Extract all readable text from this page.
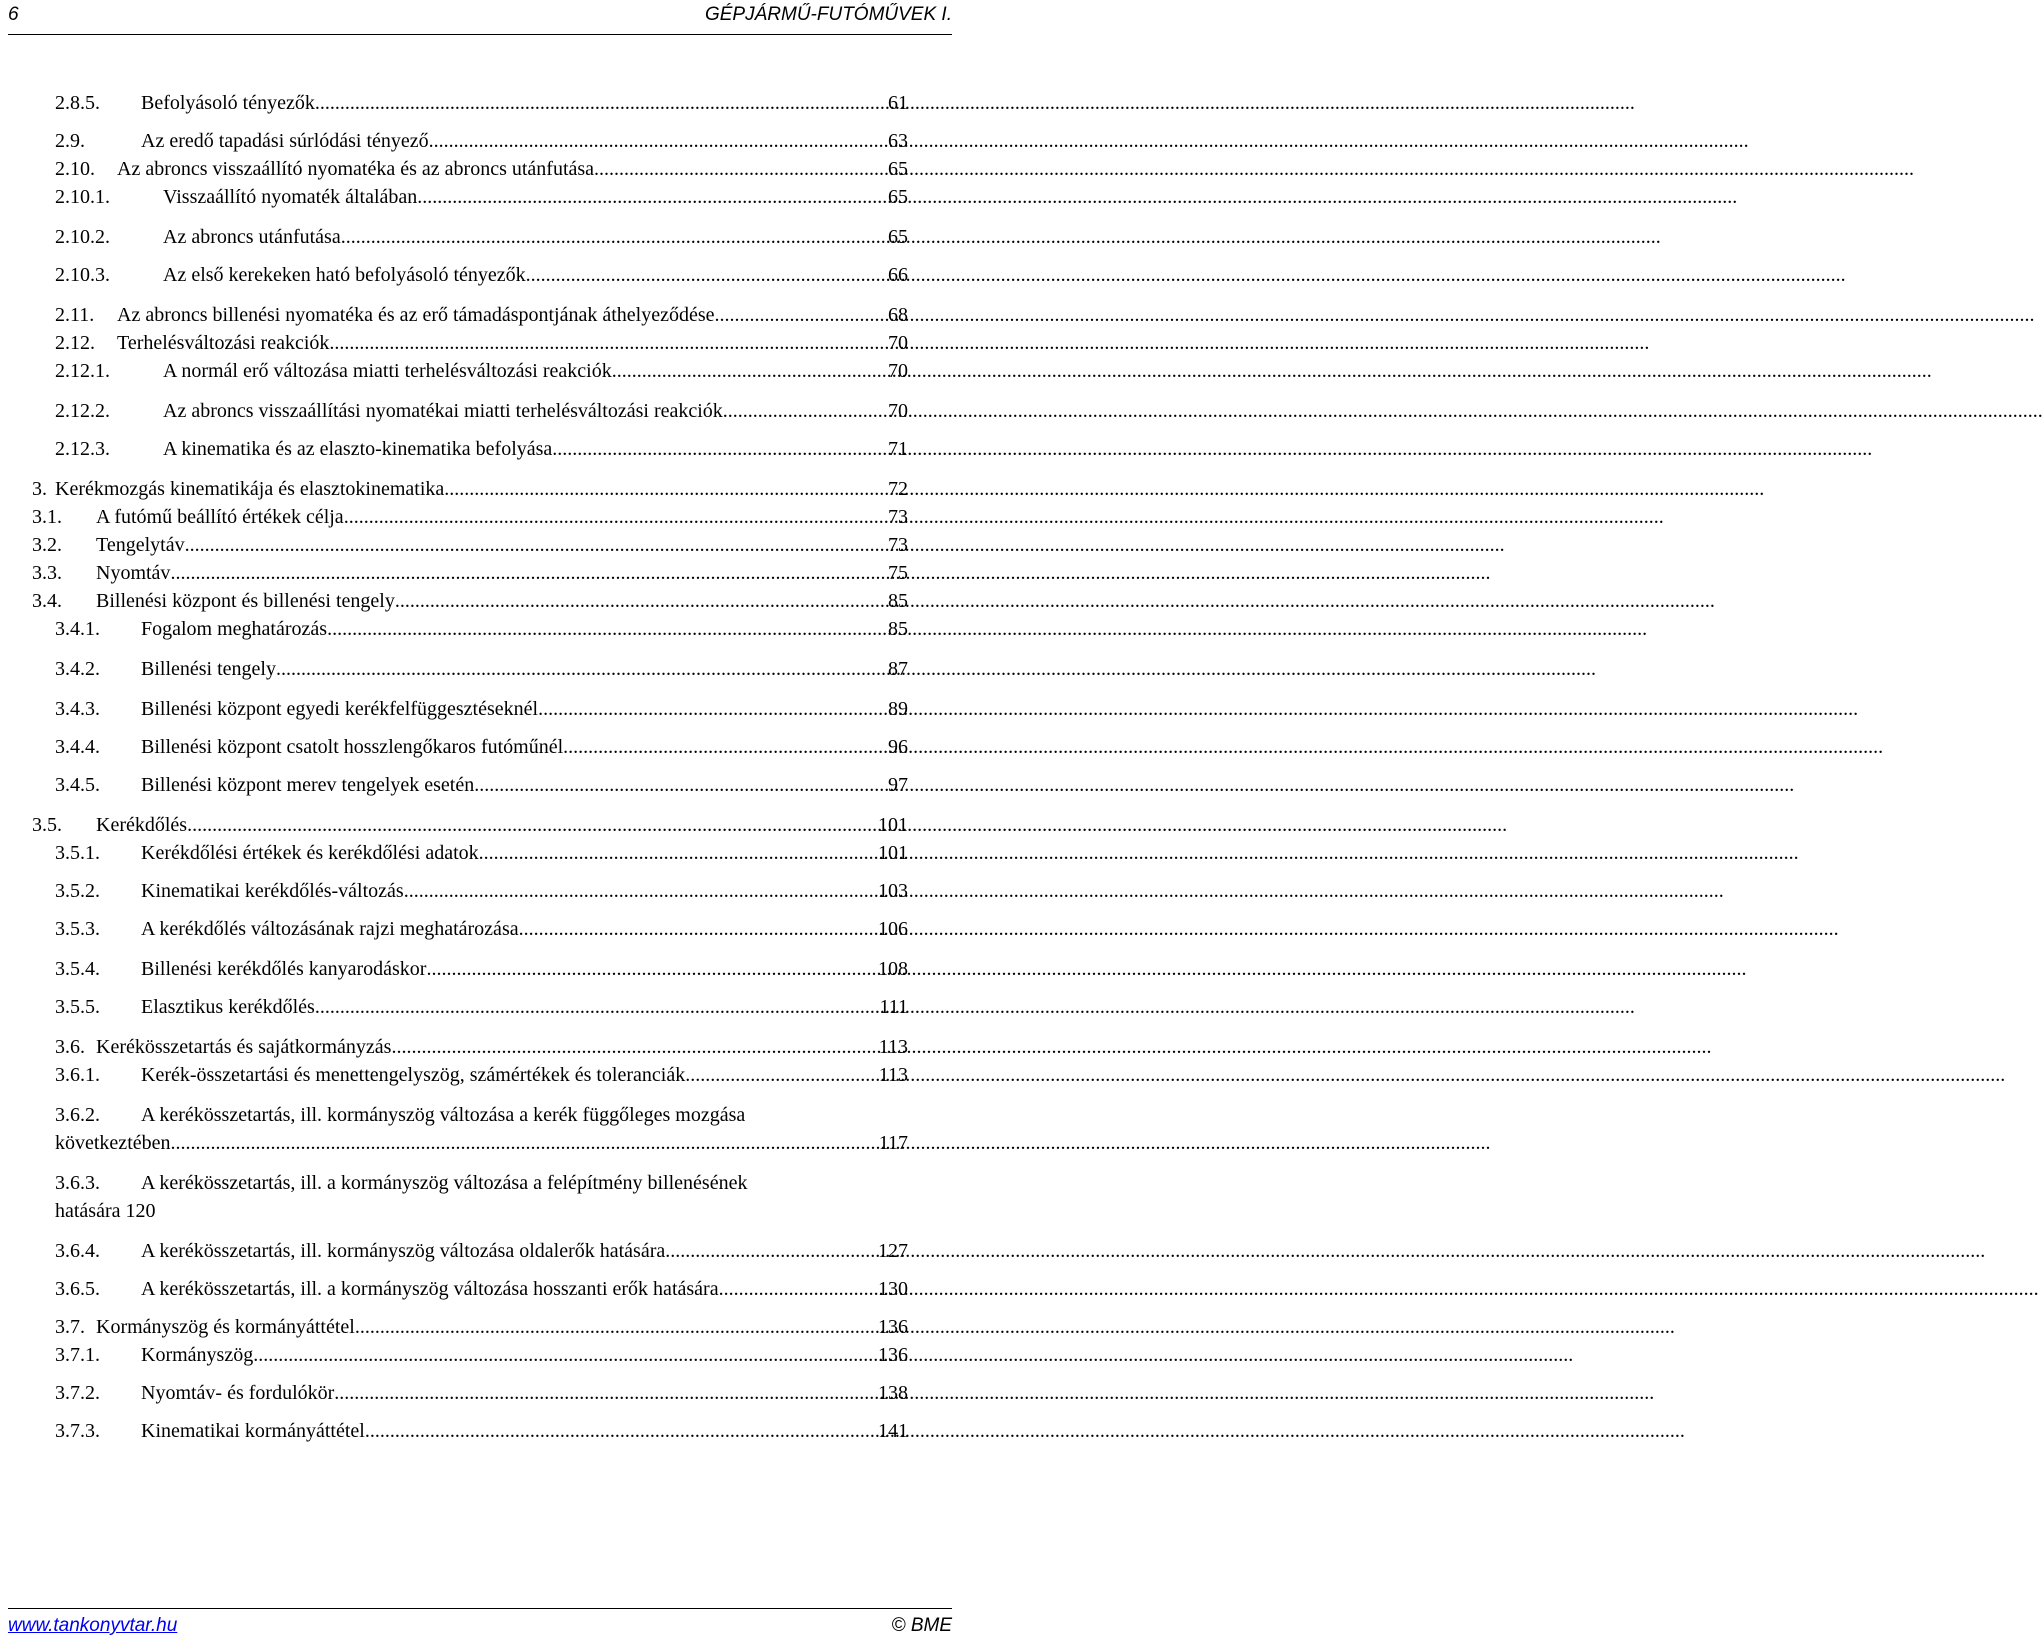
6	GÉPJÁRMŰ-FUTÓMŰVEK I.
2.8.5. Befolyásoló tényezők .....	61
2.9.	Az eredő tapadási súrlódási tényező .....	63
2.10. Az abroncs visszaállító nyomatéka és az abroncs utánfutása .....	65
2.10.1.	Visszaállító nyomaték általában .....	65
2.10.2.	Az abroncs utánfutása .....	65
2.10.3.	Az első kerekeken ható befolyásoló tényezők .....	66
2.11. Az abroncs billenési nyomatéka és az erő támadáspontjának áthelyeződése .....	68
2.12. Terhelésváltozási reakciók .....	70
2.12.1.	A normál erő változása miatti terhelésváltozási reakciók .....	70
2.12.2.	Az abroncs visszaállítási nyomatékai miatti terhelésváltozási reakciók .....	70
2.12.3.	A kinematika és az elaszto-kinematika befolyása .....	71
3. Kerékmozgás kinematikája és elasztokinematika .....	72
3.1. A futómű beállító értékek célja .....	73
3.2. Tengelytáv .....	73
3.3. Nyomtáv .....	75
3.4. Billenési központ és billenési tengely .....	85
3.4.1. Fogalom meghatározás .....	85
3.4.2. Billenési tengely .....	87
3.4.3. Billenési központ egyedi kerékfelfüggesztéseknél .....	89
3.4.4. Billenési központ csatolt hosszlengőkaros futóműnél .....	96
3.4.5. Billenési központ merev tengelyek esetén .....	97
3.5. Kerékdőlés .....	101
3.5.1. Kerékdőlési értékek és kerékdőlési adatok .....	101
3.5.2. Kinematikai kerékdőlés-változás .....	103
3.5.3. A kerékdőlés változásának rajzi meghatározása .....	106
3.5.4. Billenési kerékdőlés kanyarodáskor .....	108
3.5.5. Elasztikus kerékdőlés .....	111
3.6. Kerékösszetartás és sajátkormányzás .....	113
3.6.1. Kerék-összetartási és menettengelyszög, számértékek és toleranciák .....	113
3.6.2. A kerékösszetartás, ill. kormányszög változása a kerék függőleges mozgása
következtében .....	117
3.6.3. A kerékösszetartás, ill. a kormányszög változása a felépítmény billenésének
hatására 120
3.6.4. A kerékösszetartás, ill. kormányszög változása oldalerők hatására .....	127
3.6.5. A kerékösszetartás, ill. a kormányszög változása hosszanti erők hatására .....	130
3.7. Kormányszög és kormányáttétel .....	136
3.7.1. Kormányszög .....	136
3.7.2. Nyomtáv- és fordulókör .....	138
3.7.3. Kinematikai kormányáttétel .....	141
www.tankonyvtar.hu	© BME
